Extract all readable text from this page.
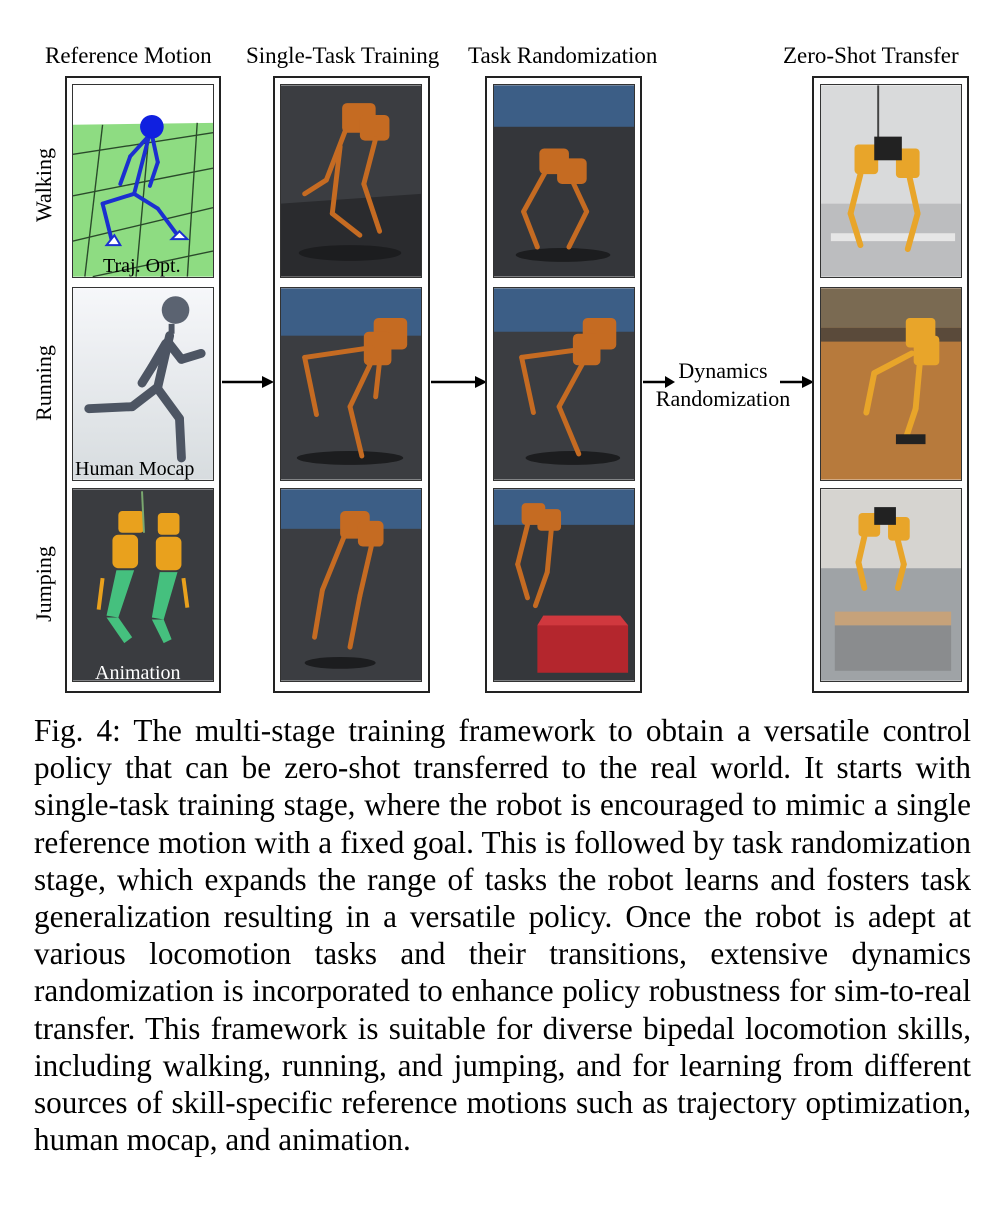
Reference Motion Single-Task Training Task Randomization	Zero-Shot Transfer
Walking
Running
Jumping
Traj. Opt.
Human Mocap
Animation
Dynamics
Randomization
Fig. 4: The multi-stage training framework to obtain a versatile control policy that can be zero-shot transferred to the real world. It starts with single-task training stage, where the robot is encouraged to mimic a single reference motion with a fixed goal. This is followed by task randomization stage, which expands the range of tasks the robot learns and fosters task generalization resulting in a versatile policy. Once the robot is adept at various locomotion tasks and their transitions, extensive dynamics randomization is incorporated to enhance policy robustness for sim-to-real transfer. This framework is suitable for diverse bipedal locomotion skills, including walking, running, and jumping, and for learning from different sources of skill-specific reference motions such as trajectory optimization, human mocap, and animation.
